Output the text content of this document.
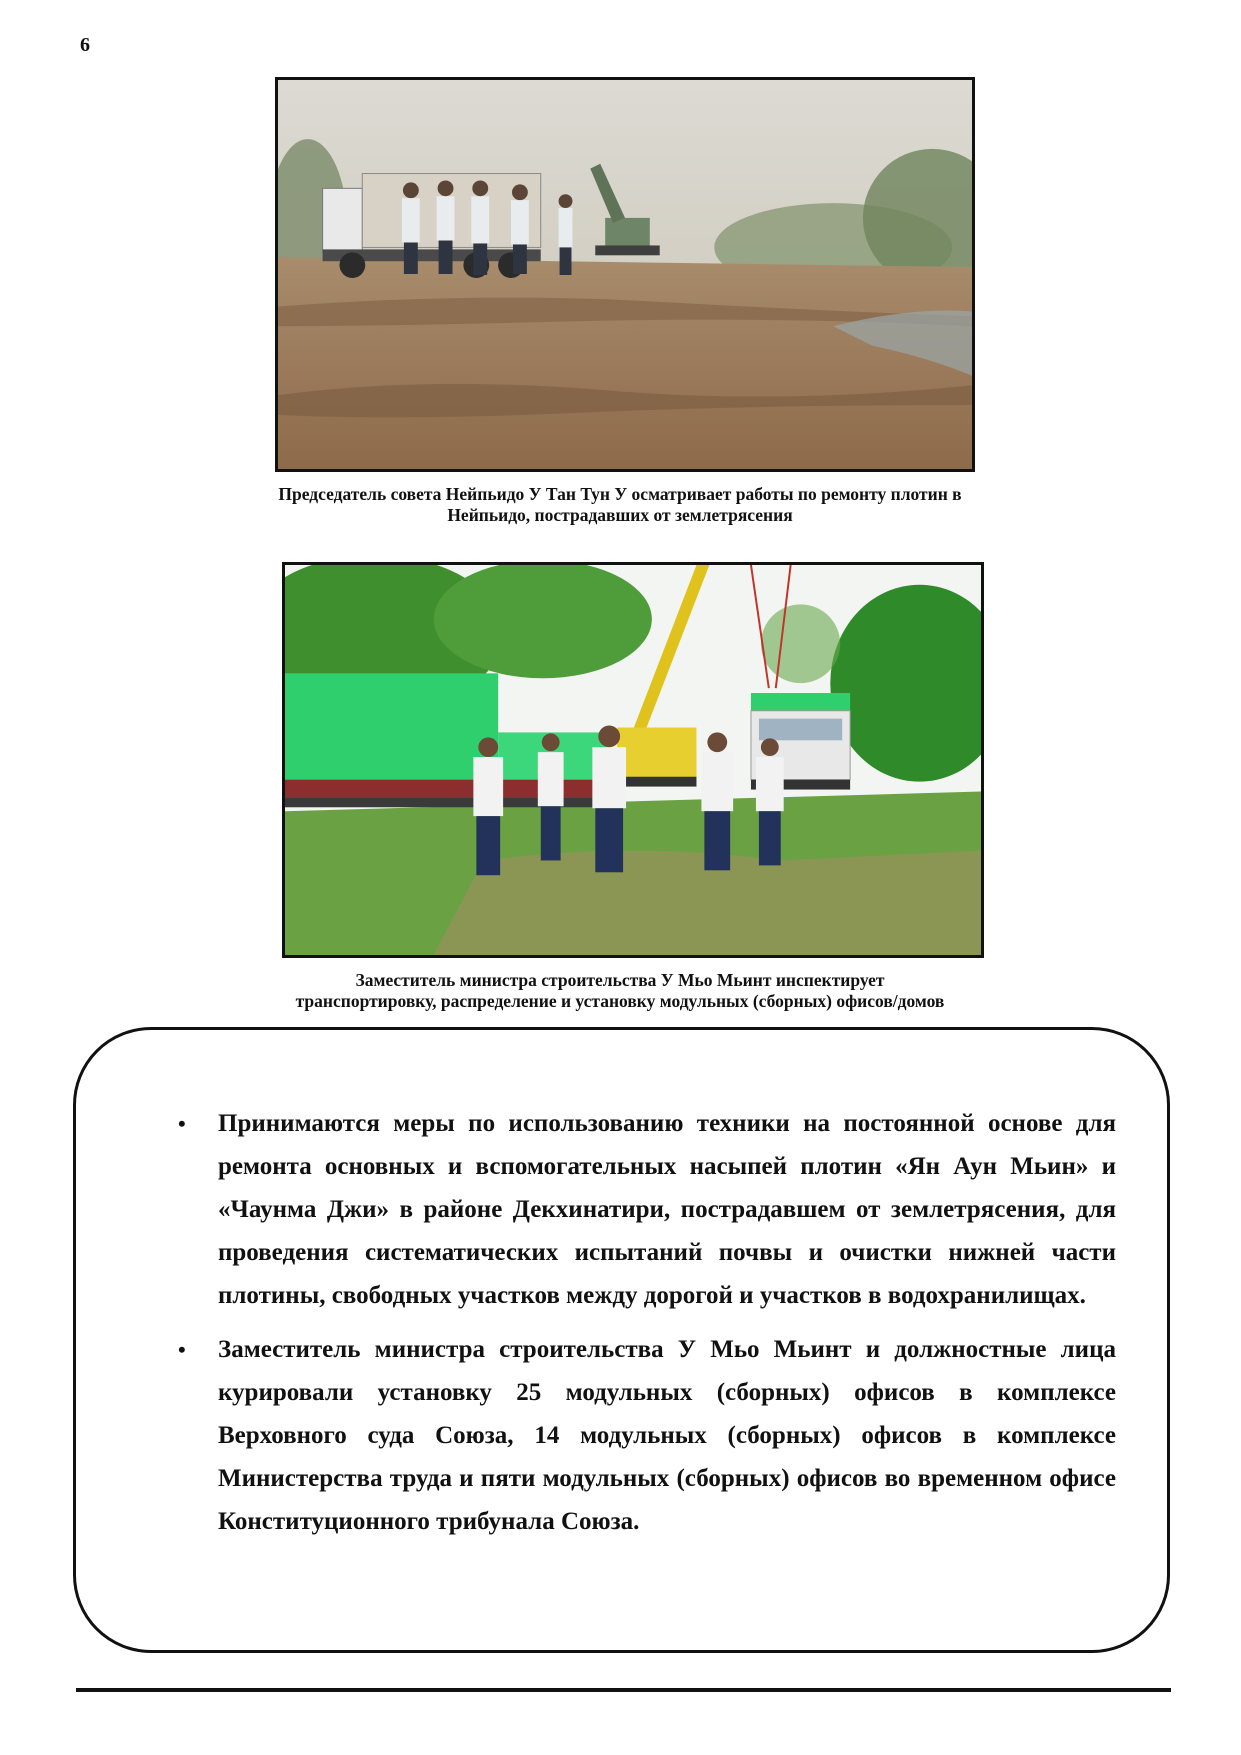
6
Председатель совета Нейпьидо У Тан Тун У осматривает работы по ремонту плотин в
Нейпьидо, пострадавших от землетрясения
Заместитель министра строительства У Мьо Мьинт инспектирует
транспортировку, распределение и установку модульных (сборных) офисов/домов
• Принимаются меры по использованию техники на постоянной основе для ремонта основных и вспомогательных насыпей плотин «Ян Аун Мьин» и «Чаунма Джи» в районе Декхинатири, пострадавшем от землетрясения, для проведения систематических испытаний почвы и очистки нижней части плотины, свободных участков между дорогой и участков в водохранилищах.
• Заместитель министра строительства У Мьо Мьинт и должностные лица курировали установку 25 модульных (сборных) офисов в комплексе Верховного суда Союза, 14 модульных (сборных) офисов в комплексе Министерства труда и пяти модульных (сборных) офисов во временном офисе Конституционного трибунала Союза.
